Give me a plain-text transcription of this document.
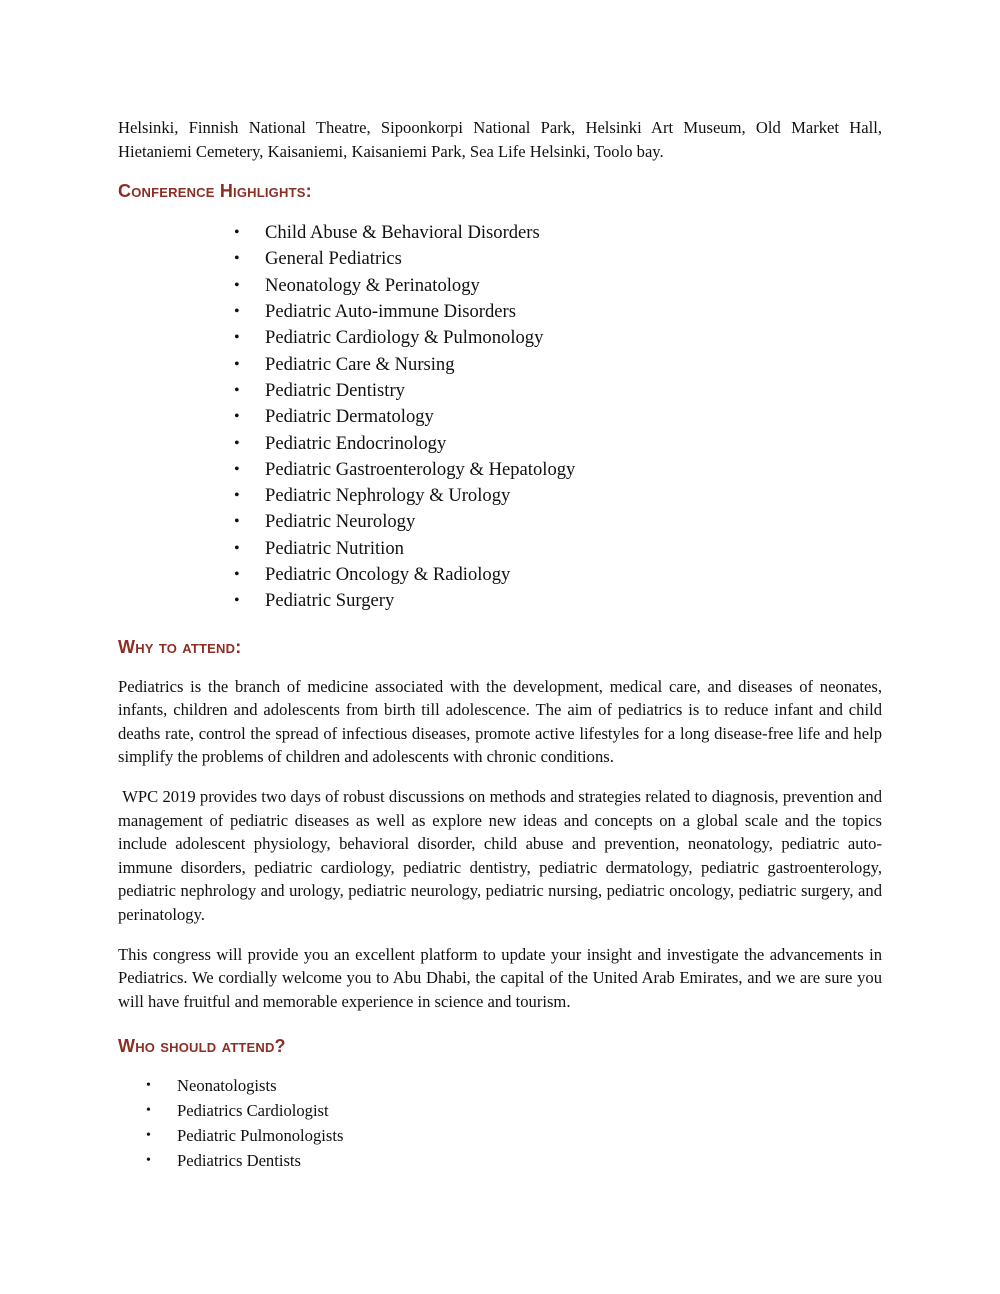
Helsinki, Finnish National Theatre, Sipoonkorpi National Park, Helsinki Art Museum, Old Market Hall, Hietaniemi Cemetery, Kaisaniemi, Kaisaniemi Park, Sea Life Helsinki, Toolo bay.

Conference Highlights:
• Child Abuse & Behavioral Disorders
• General Pediatrics
• Neonatology & Perinatology
• Pediatric Auto-immune Disorders
• Pediatric Cardiology & Pulmonology
• Pediatric Care & Nursing
• Pediatric Dentistry
• Pediatric Dermatology
• Pediatric Endocrinology
• Pediatric Gastroenterology & Hepatology
• Pediatric Nephrology & Urology
• Pediatric Neurology
• Pediatric Nutrition
• Pediatric Oncology & Radiology
• Pediatric Surgery
Why to attend:

Pediatrics is the branch of medicine associated with the development, medical care, and diseases of neonates, infants, children and adolescents from birth till adolescence. The aim of pediatrics is to reduce infant and child deaths rate, control the spread of infectious diseases, promote active lifestyles for a long disease-free life and help simplify the problems of children and adolescents with chronic conditions.

WPC 2019 provides two days of robust discussions on methods and strategies related to diagnosis, prevention and management of pediatric diseases as well as explore new ideas and concepts on a global scale and the topics include adolescent physiology, behavioral disorder, child abuse and prevention, neonatology, pediatric auto-immune disorders, pediatric cardiology, pediatric dentistry, pediatric dermatology, pediatric gastroenterology, pediatric nephrology and urology, pediatric neurology, pediatric nursing, pediatric oncology, pediatric surgery, and perinatology.

This congress will provide you an excellent platform to update your insight and investigate the advancements in Pediatrics. We cordially welcome you to Abu Dhabi, the capital of the United Arab Emirates, and we are sure you will have fruitful and memorable experience in science and tourism.

Who should attend?
• Neonatologists
• Pediatrics Cardiologist
• Pediatric Pulmonologists
• Pediatrics Dentists
